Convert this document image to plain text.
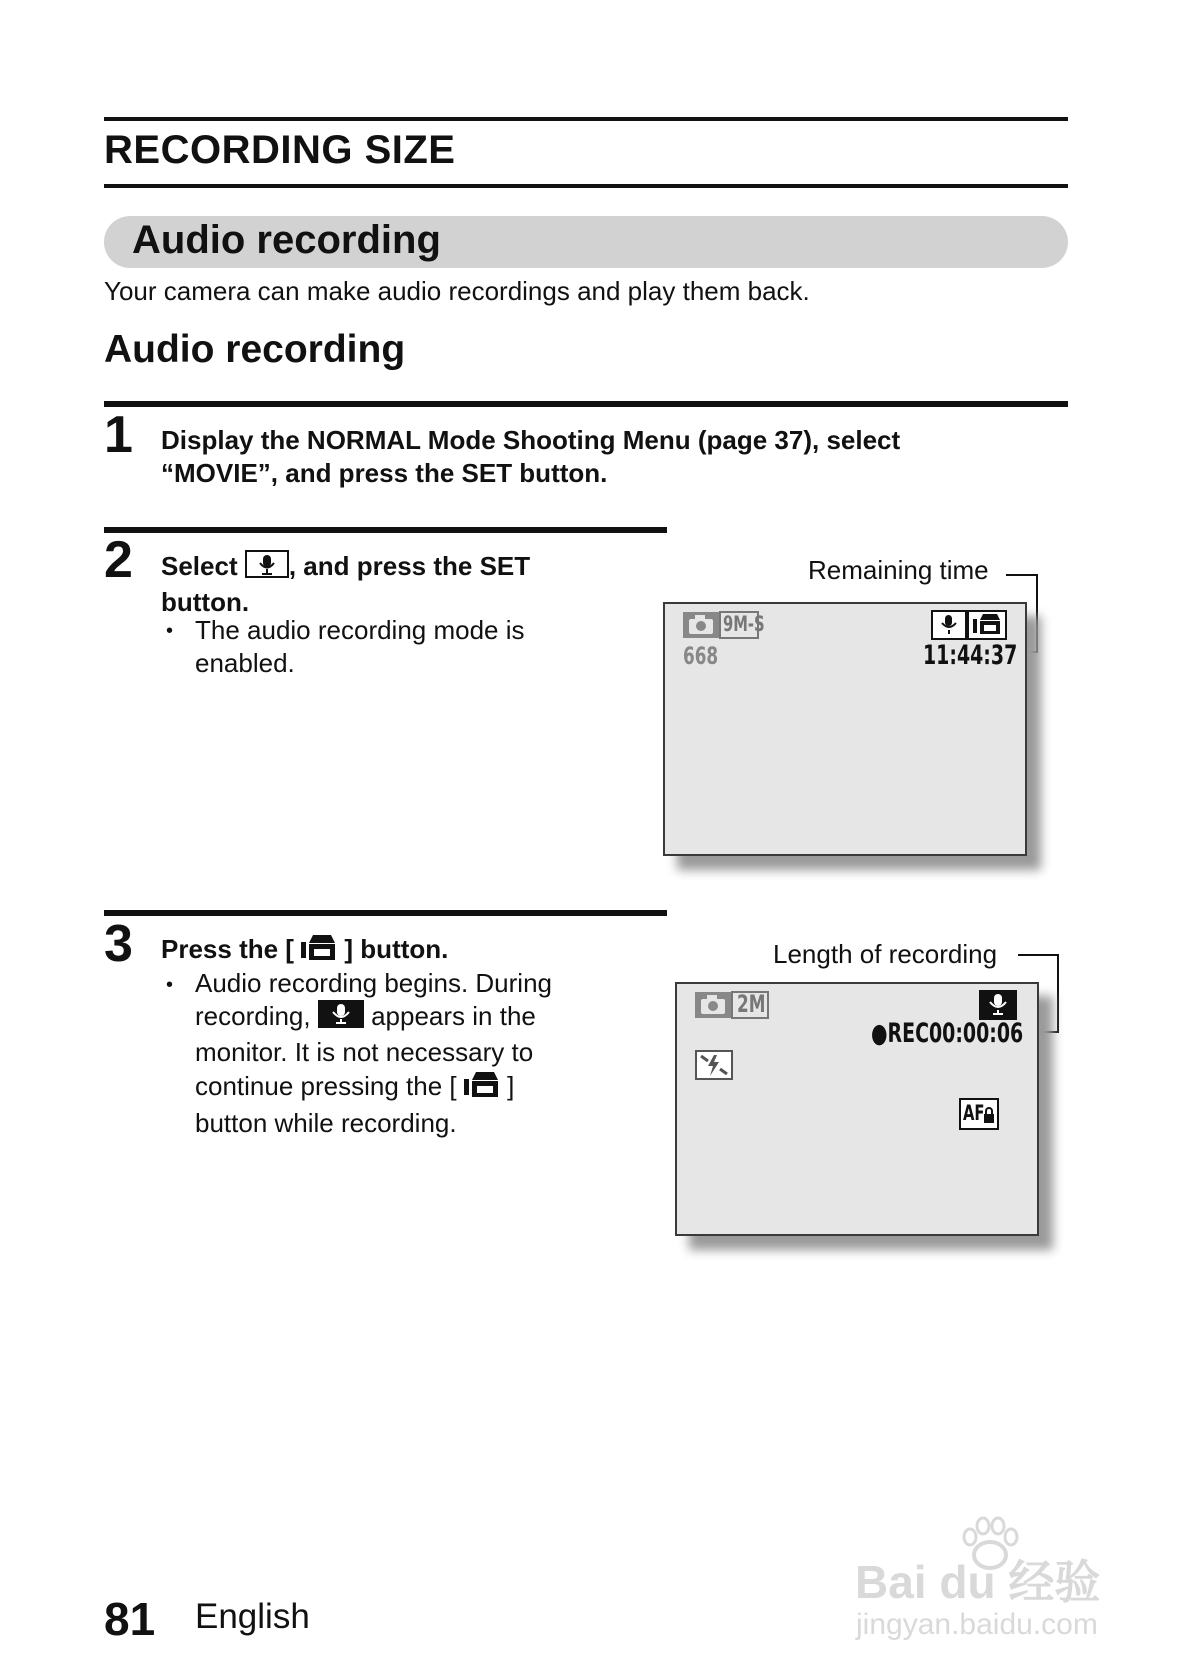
RECORDING SIZE
Audio recording
Your camera can make audio recordings and play them back.
Audio recording
1 Display the NORMAL Mode Shooting Menu (page 37), select
“MOVIE”, and press the SET button.
2 Select , and press the SET
button.
• The audio recording mode is
enabled.
Remaining time
9M-S
668	11:44:37
3 Press the [ ] button.
• Audio recording begins. During
recording, appears in the
monitor. It is not necessary to
continue pressing the [ ]
button while recording.
Length of recording
2M
●REC00:00:06
AF
81 English
Bai du 经验
jingyan.baidu.com
